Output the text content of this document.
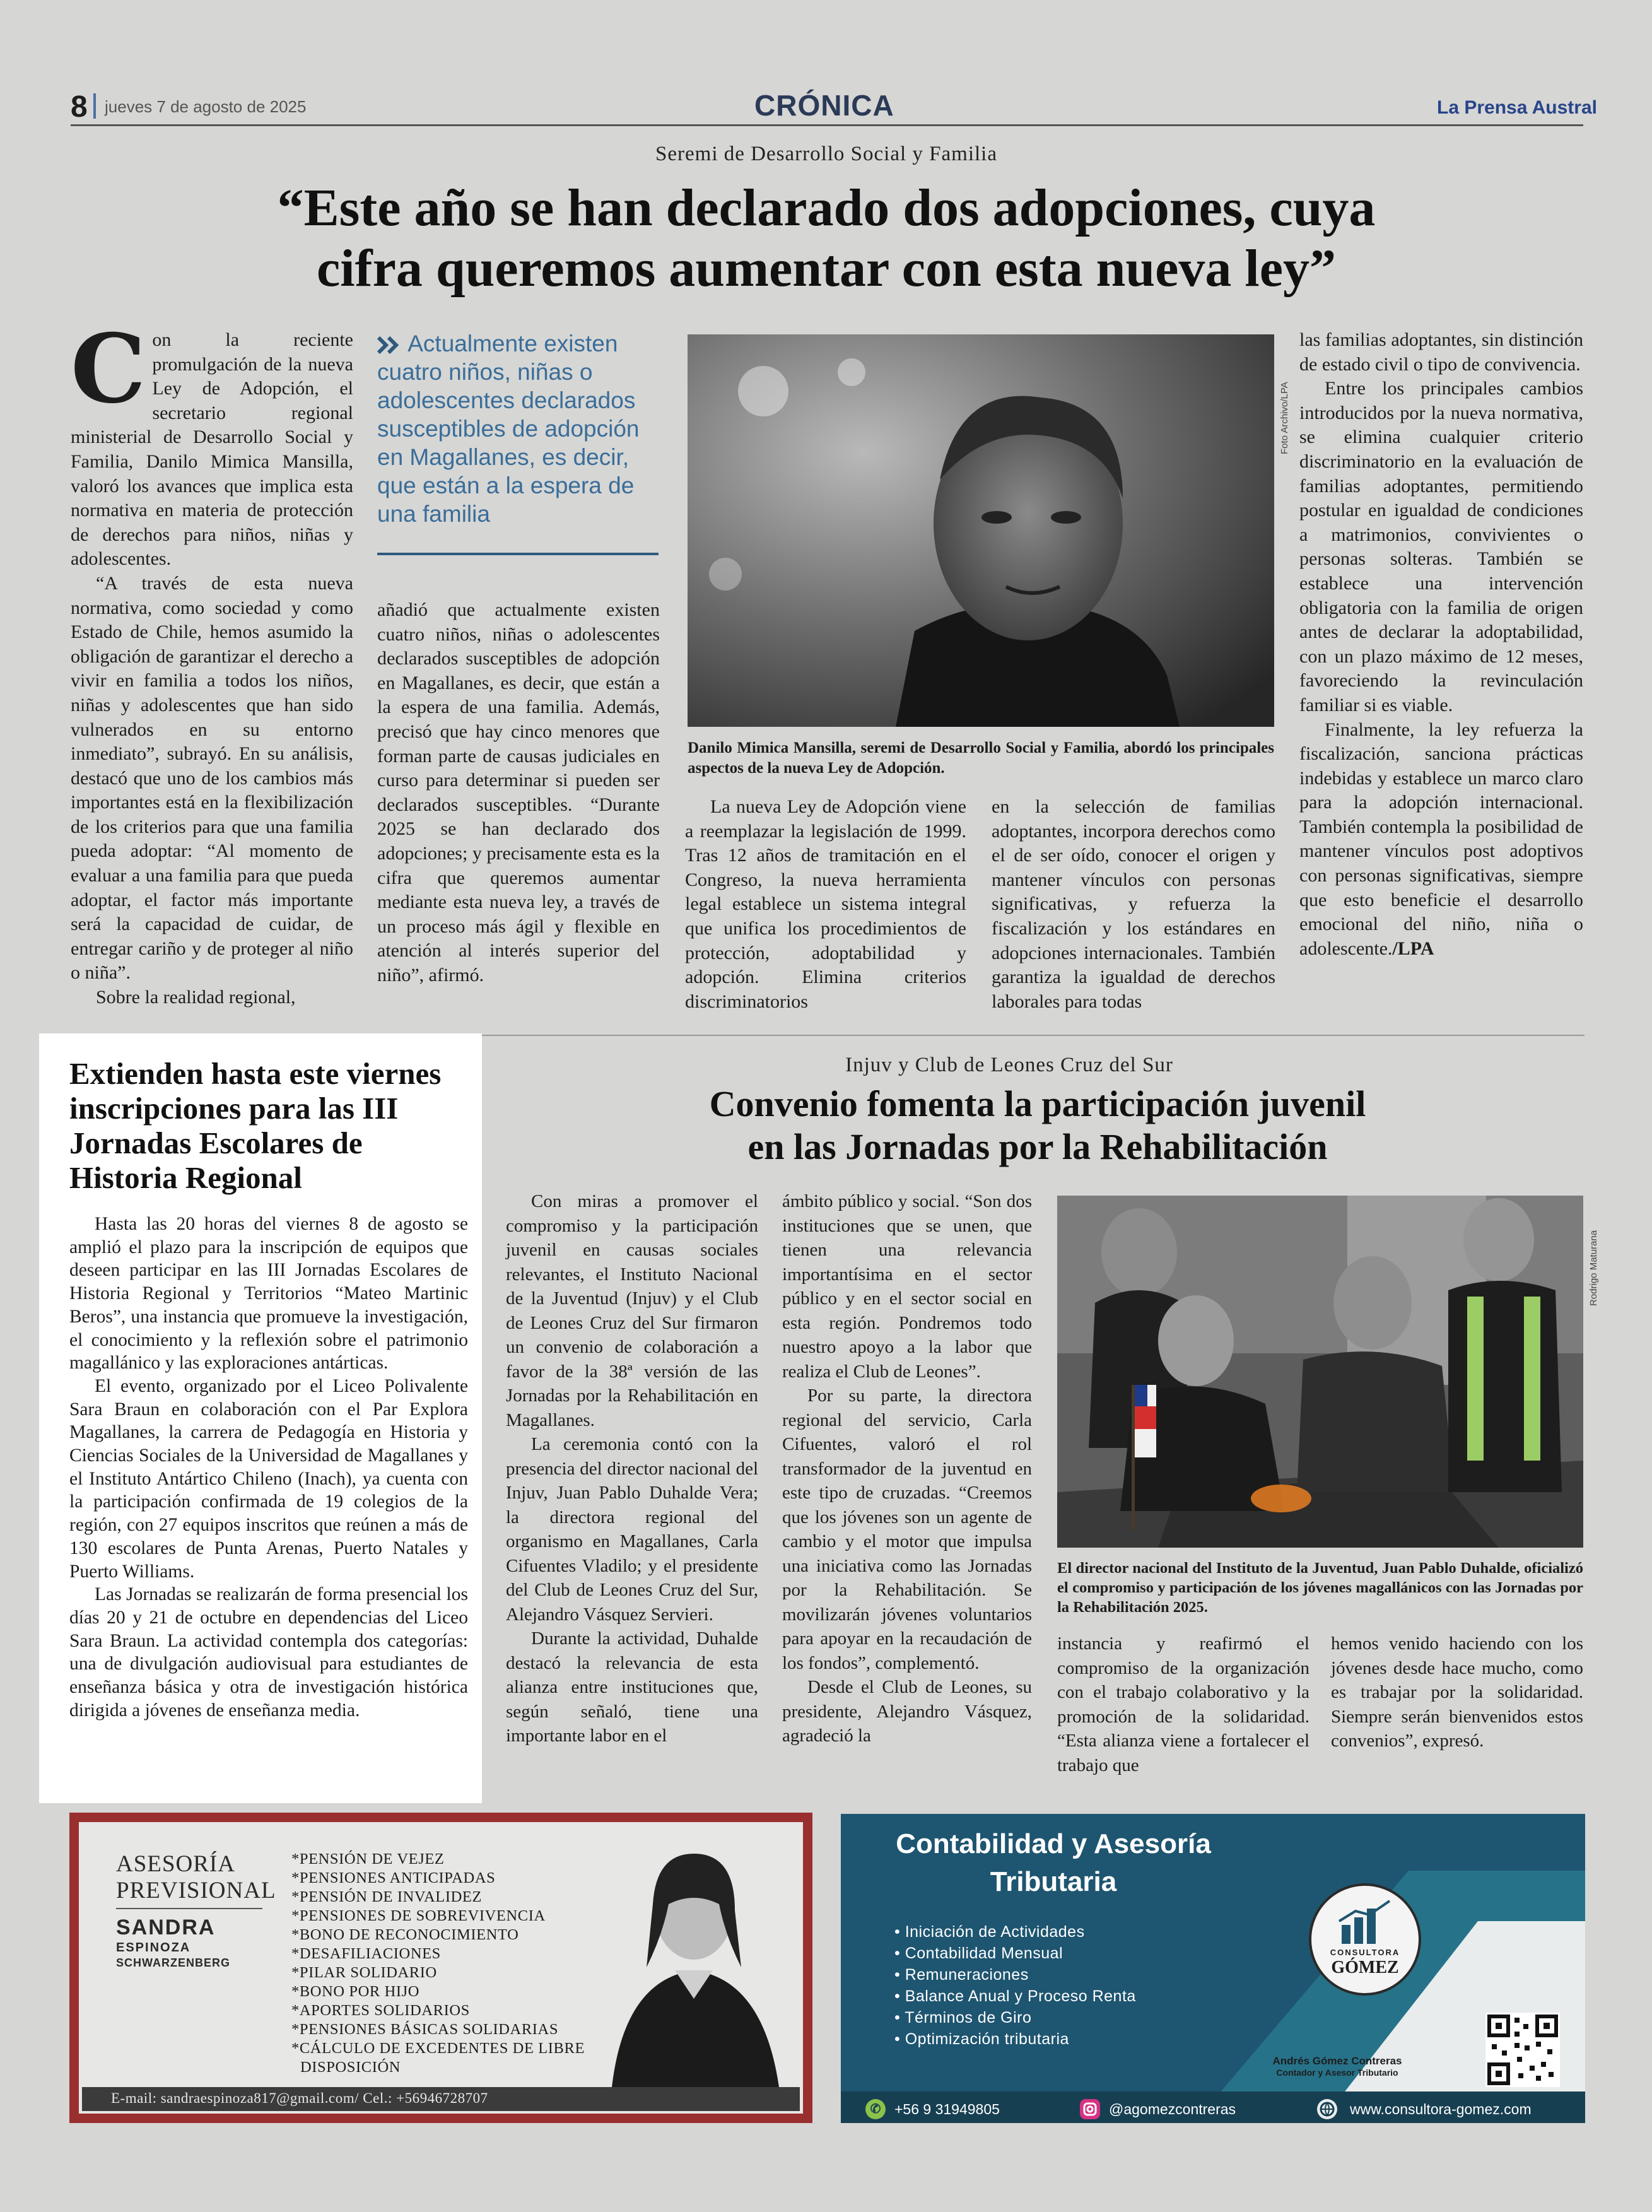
8 jueves 7 de agosto de 2025	CRÓNICA	La Prensa Austral
Seremi de Desarrollo Social y Familia
“Este año se han declarado dos adopciones, cuya
cifra queremos aumentar con esta nueva ley”

Con la reciente promulgación de la nueva Ley de Adopción, el secretario regional ministerial de Desarrollo Social y Familia, Danilo Mimica Mansilla, valoró los avances que implica esta normativa en materia de protección de derechos para niños, niñas y adolescentes.

“A través de esta nueva normativa, como sociedad y como Estado de Chile, hemos asumido la obligación de garantizar el derecho a vivir en familia a todos los niños, niñas y adolescentes que han sido vulnerados en su entorno inmediato”, subrayó. En su análisis, destacó que uno de los cambios más importantes está en la flexibilización de los criterios para que una familia pueda adoptar: “Al momento de evaluar a una familia para que pueda adoptar, el factor más importante será la capacidad de cuidar, de entregar cariño y de proteger al niño o niña”.

Sobre la realidad regional,

Actualmente existen cuatro niños, niñas o adolescentes declarados susceptibles de adopción en Magallanes, es decir, que están a la espera de una familia

añadió que actualmente existen cuatro niños, niñas o adolescentes declarados susceptibles de adopción en Magallanes, es decir, que están a la espera de una familia. Además, precisó que hay cinco menores que forman parte de causas judiciales en curso para determinar si pueden ser declarados susceptibles. “Durante 2025 se han declarado dos adopciones; y precisamente esta es la cifra que queremos aumentar mediante esta nueva ley, a través de un proceso más ágil y flexible en atención al interés superior del niño”, afirmó.

Foto Archivo/LPA
Danilo Mimica Mansilla, seremi de Desarrollo Social y Familia, abordó los principales aspectos de la nueva Ley de Adopción.

La nueva Ley de Adopción viene a reemplazar la legislación de 1999. Tras 12 años de tramitación en el Congreso, la nueva herramienta legal establece un sistema integral que unifica los procedimientos de protección, adoptabilidad y adopción. Elimina criterios discriminatorios

en la selección de familias adoptantes, incorpora derechos como el de ser oído, conocer el origen y mantener vínculos con personas significativas, y refuerza la fiscalización y los estándares en adopciones internacionales. También garantiza la igualdad de derechos laborales para todas

las familias adoptantes, sin distinción de estado civil o tipo de convivencia.

Entre los principales cambios introducidos por la nueva normativa, se elimina cualquier criterio discriminatorio en la evaluación de familias adoptantes, permitiendo postular en igualdad de condiciones a matrimonios, convivientes o personas solteras. También se establece una intervención obligatoria con la familia de origen antes de declarar la adoptabilidad, con un plazo máximo de 12 meses, favoreciendo la revinculación familiar si es viable.

Finalmente, la ley refuerza la fiscalización, sanciona prácticas indebidas y establece un marco claro para la adopción internacional. También contempla la posibilidad de mantener vínculos post adoptivos con personas significativas, siempre que esto beneficie el desarrollo emocional del niño, niña o adolescente./LPA

Extienden hasta este viernes inscripciones para las III Jornadas Escolares de Historia Regional

Hasta las 20 horas del viernes 8 de agosto se amplió el plazo para la inscripción de equipos que deseen participar en las III Jornadas Escolares de Historia Regional y Territorios “Mateo Martinic Beros”, una instancia que promueve la investigación, el conocimiento y la reflexión sobre el patrimonio magallánico y las exploraciones antárticas.

El evento, organizado por el Liceo Polivalente Sara Braun en colaboración con el Par Explora Magallanes, la carrera de Pedagogía en Historia y Ciencias Sociales de la Universidad de Magallanes y el Instituto Antártico Chileno (Inach), ya cuenta con la participación confirmada de 19 colegios de la región, con 27 equipos inscritos que reúnen a más de 130 escolares de Punta Arenas, Puerto Natales y Puerto Williams.

Las Jornadas se realizarán de forma presencial los días 20 y 21 de octubre en dependencias del Liceo Sara Braun. La actividad contempla dos categorías: una de divulgación audiovisual para estudiantes de enseñanza básica y otra de investigación histórica dirigida a jóvenes de enseñanza media.

Injuv y Club de Leones Cruz del Sur
Convenio fomenta la participación juvenil
en las Jornadas por la Rehabilitación

Con miras a promover el compromiso y la participación juvenil en causas sociales relevantes, el Instituto Nacional de la Juventud (Injuv) y el Club de Leones Cruz del Sur firmaron un convenio de colaboración a favor de la 38ª versión de las Jornadas por la Rehabilitación en Magallanes.

La ceremonia contó con la presencia del director nacional del Injuv, Juan Pablo Duhalde Vera; la directora regional del organismo en Magallanes, Carla Cifuentes Vladilo; y el presidente del Club de Leones Cruz del Sur, Alejandro Vásquez Servieri.

Durante la actividad, Duhalde destacó la relevancia de esta alianza entre instituciones que, según señaló, tiene una importante labor en el

ámbito público y social. “Son dos instituciones que se unen, que tienen una relevancia importantísima en el sector público y en el sector social en esta región. Pondremos todo nuestro apoyo a la labor que realiza el Club de Leones”.

Por su parte, la directora regional del servicio, Carla Cifuentes, valoró el rol transformador de la juventud en este tipo de cruzadas. “Creemos que los jóvenes son un agente de cambio y el motor que impulsa una iniciativa como las Jornadas por la Rehabilitación. Se movilizarán jóvenes voluntarios para apoyar en la recaudación de los fondos”, complementó.

Desde el Club de Leones, su presidente, Alejandro Vásquez, agradeció la

Rodrigo Maturana
El director nacional del Instituto de la Juventud, Juan Pablo Duhalde, oficializó el compromiso y participación de los jóvenes magallánicos con las Jornadas por la Rehabilitación 2025.

instancia y reafirmó el compromiso de la organización con el trabajo colaborativo y la promoción de la solidaridad. “Esta alianza viene a fortalecer el trabajo que

hemos venido haciendo con los jóvenes desde hace mucho, como es trabajar por la solidaridad. Siempre serán bienvenidos estos convenios”, expresó.

ASESORÍA
PREVISIONAL
SANDRA
ESPINOZA
SCHWARZENBERG
*PENSIÓN DE VEJEZ
*PENSIONES ANTICIPADAS
*PENSIÓN DE INVALIDEZ
*PENSIONES DE SOBREVIVENCIA
*BONO DE RECONOCIMIENTO
*DESAFILIACIONES
*PILAR SOLIDARIO
*BONO POR HIJO
*APORTES SOLIDARIOS
*PENSIONES BÁSICAS SOLIDARIAS
*CÁLCULO DE EXCEDENTES DE LIBRE
DISPOSICIÓN
E-mail: sandraespinoza817@gmail.com/ Cel.: +56946728707
Contabilidad y Asesoría
Tributaria
• Iniciación de Actividades
• Contabilidad Mensual
• Remuneraciones
• Balance Anual y Proceso Renta
• Términos de Giro
• Optimización tributaria
CONSULTORA
GÓMEZ
Andrés Gómez Contreras
Contador y Asesor Tributario
✆ +56 9 31949805	@agomezcontreras	www.consultora-gomez.com
